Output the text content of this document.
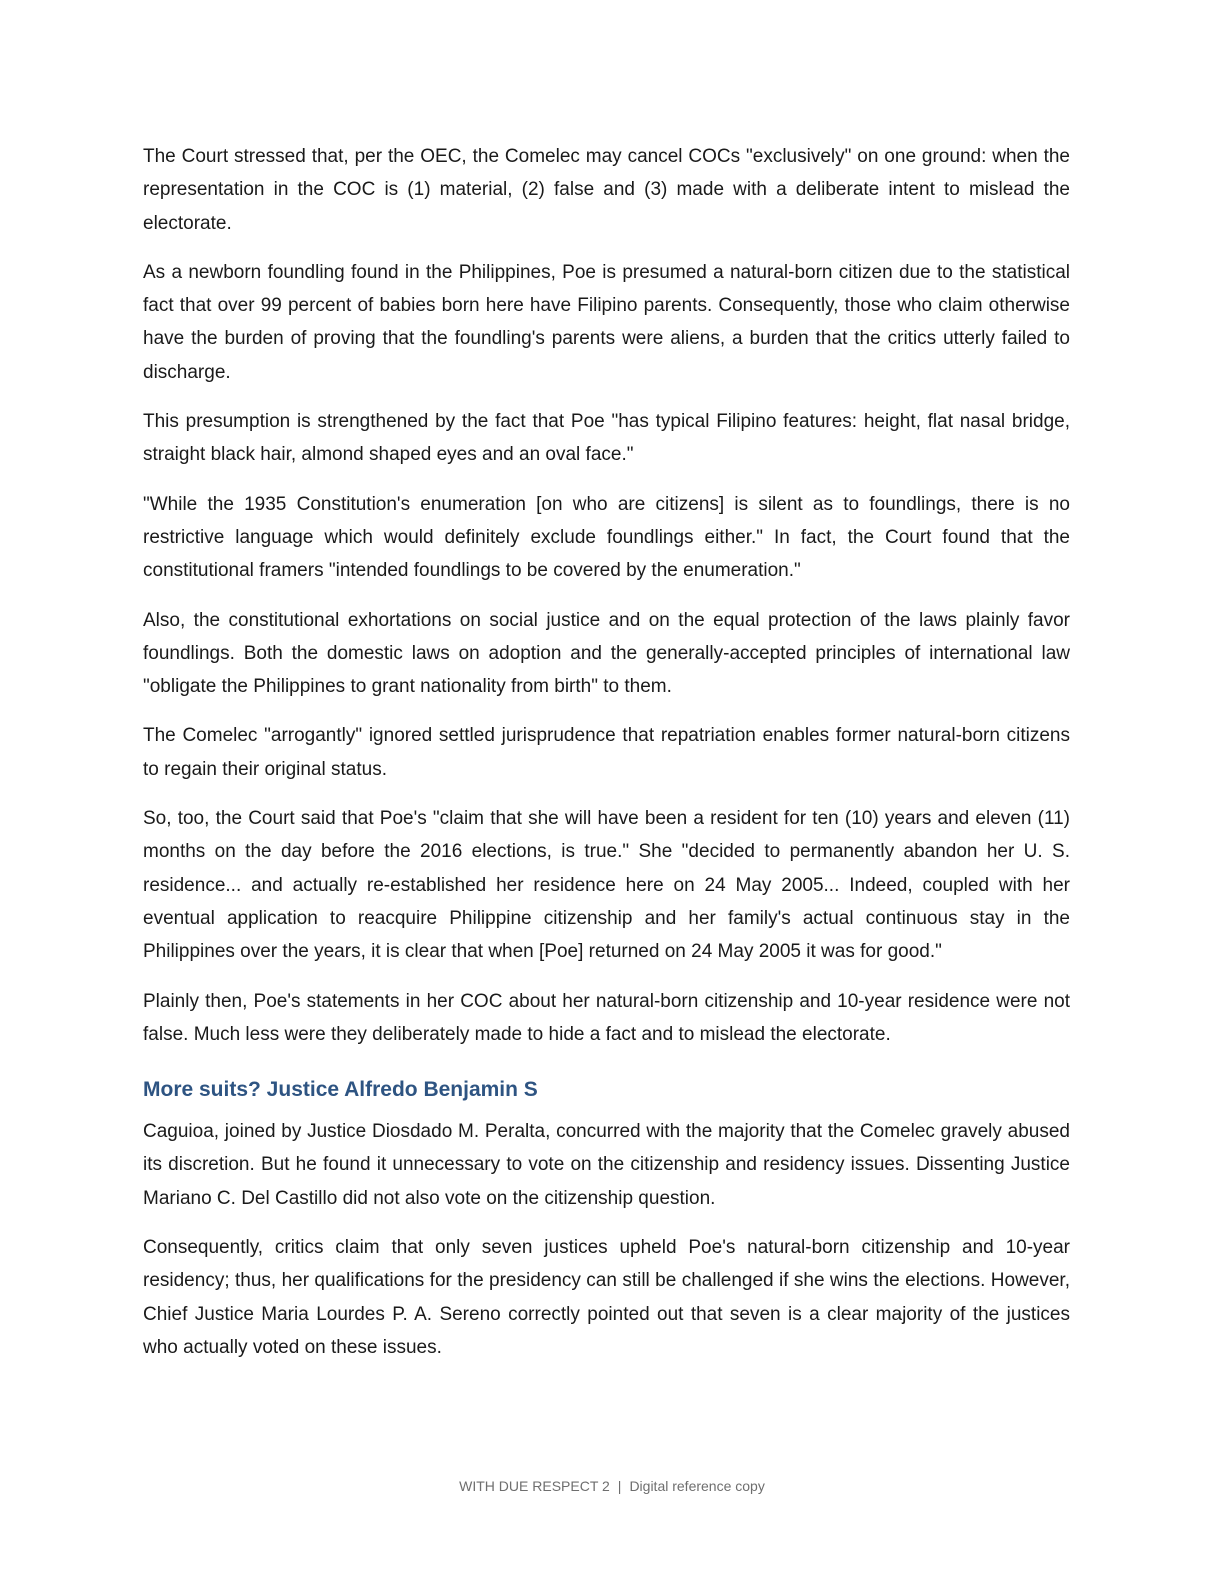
The Court stressed that, per the OEC, the Comelec may cancel COCs "exclusively" on one ground: when the representation in the COC is (1) material, (2) false and (3) made with a deliberate intent to mislead the electorate.

As a newborn foundling found in the Philippines, Poe is presumed a natural-born citizen due to the statistical fact that over 99 percent of babies born here have Filipino parents. Consequently, those who claim otherwise have the burden of proving that the foundling's parents were aliens, a burden that the critics utterly failed to discharge.

This presumption is strengthened by the fact that Poe "has typical Filipino features: height, flat nasal bridge, straight black hair, almond shaped eyes and an oval face."

"While the 1935 Constitution's enumeration [on who are citizens] is silent as to foundlings, there is no restrictive language which would definitely exclude foundlings either." In fact, the Court found that the constitutional framers "intended foundlings to be covered by the enumeration."

Also, the constitutional exhortations on social justice and on the equal protection of the laws plainly favor foundlings. Both the domestic laws on adoption and the generally-accepted principles of international law "obligate the Philippines to grant nationality from birth" to them.

The Comelec "arrogantly" ignored settled jurisprudence that repatriation enables former natural-born citizens to regain their original status.

So, too, the Court said that Poe's "claim that she will have been a resident for ten (10) years and eleven (11) months on the day before the 2016 elections, is true." She "decided to permanently abandon her U. S. residence... and actually re-established her residence here on 24 May 2005... Indeed, coupled with her eventual application to reacquire Philippine citizenship and her family's actual continuous stay in the Philippines over the years, it is clear that when [Poe] returned on 24 May 2005 it was for good."

Plainly then, Poe's statements in her COC about her natural-born citizenship and 10-year residence were not false. Much less were they deliberately made to hide a fact and to mislead the electorate.

More suits? Justice Alfredo Benjamin S

Caguioa, joined by Justice Diosdado M. Peralta, concurred with the majority that the Comelec gravely abused its discretion. But he found it unnecessary to vote on the citizenship and residency issues. Dissenting Justice Mariano C. Del Castillo did not also vote on the citizenship question.

Consequently, critics claim that only seven justices upheld Poe's natural-born citizenship and 10-year residency; thus, her qualifications for the presidency can still be challenged if she wins the elections. However, Chief Justice Maria Lourdes P. A. Sereno correctly pointed out that seven is a clear majority of the justices who actually voted on these issues.

WITH DUE RESPECT 2 | Digital reference copy
